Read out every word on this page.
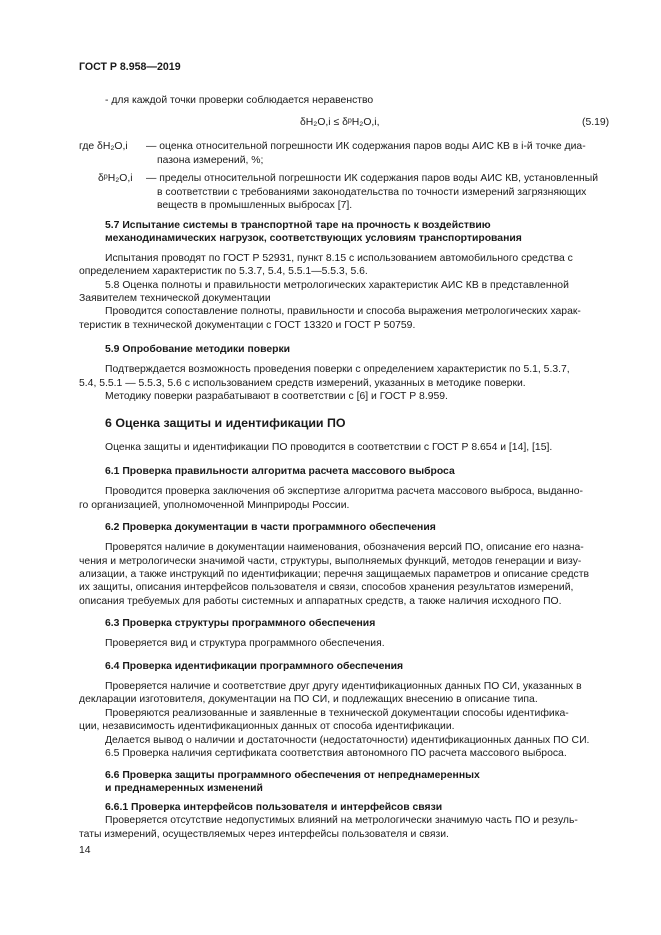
ГОСТ Р 8.958—2019
- для каждой точки проверки соблюдается неравенство
δH₂O,i ≤ δᵖH₂O,i,	(5.19)
где δH₂O,i — оценка относительной погрешности ИК содержания паров воды АИС КВ в i-й точке диа-
пазона измерений, %;
δᵖH₂O,i — пределы относительной погрешности ИК содержания паров воды АИС КВ, установленный
в соответствии с требованиями законодательства по точности измерений загрязняющих
веществ в промышленных выбросах [7].
5.7 Испытание системы в транспортной таре на прочность к воздействию
механодинамических нагрузок, соответствующих условиям транспортирования
Испытания проводят по ГОСТ Р 52931, пункт 8.15 с использованием автомобильного средства с
определением характеристик по 5.3.7, 5.4, 5.5.1—5.5.3, 5.6.
5.8 Оценка полноты и правильности метрологических характеристик АИС КВ в представленной
Заявителем технической документации
Проводится сопоставление полноты, правильности и способа выражения метрологических харак-
теристик в технической документации с ГОСТ 13320 и ГОСТ Р 50759.
5.9 Опробование методики поверки
Подтверждается возможность проведения поверки с определением характеристик по 5.1, 5.3.7,
5.4, 5.5.1 — 5.5.3, 5.6 с использованием средств измерений, указанных в методике поверки.
Методику поверки разрабатывают в соответствии с [6] и ГОСТ Р 8.959.
6 Оценка защиты и идентификации ПО
Оценка защиты и идентификации ПО проводится в соответствии с ГОСТ Р 8.654 и [14], [15].
6.1 Проверка правильности алгоритма расчета массового выброса
Проводится проверка заключения об экспертизе алгоритма расчета массового выброса, выданно-
го организацией, уполномоченной Минприроды России.
6.2 Проверка документации в части программного обеспечения
Проверятся наличие в документации наименования, обозначения версий ПО, описание его назна-
чения и метрологически значимой части, структуры, выполняемых функций, методов генерации и визу-
ализации, а также инструкций по идентификации; перечня защищаемых параметров и описание средств
их защиты, описания интерфейсов пользователя и связи, способов хранения результатов измерений,
описания требуемых для работы системных и аппаратных средств, а также наличия исходного ПО.
6.3 Проверка структуры программного обеспечения
Проверяется вид и структура программного обеспечения.
6.4 Проверка идентификации программного обеспечения
Проверяется наличие и соответствие друг другу идентификационных данных ПО СИ, указанных в
декларации изготовителя, документации на ПО СИ, и подлежащих внесению в описание типа.
Проверяются реализованные и заявленные в технической документации способы идентифика-
ции, независимость идентификационных данных от способа идентификации.
Делается вывод о наличии и достаточности (недостаточности) идентификационных данных ПО СИ.
6.5 Проверка наличия сертификата соответствия автономного ПО расчета массового выброса.
6.6 Проверка защиты программного обеспечения от непреднамеренных
и преднамеренных изменений
6.6.1 Проверка интерфейсов пользователя и интерфейсов связи
Проверяется отсутствие недопустимых влияний на метрологически значимую часть ПО и резуль-
таты измерений, осуществляемых через интерфейсы пользователя и связи.
14
